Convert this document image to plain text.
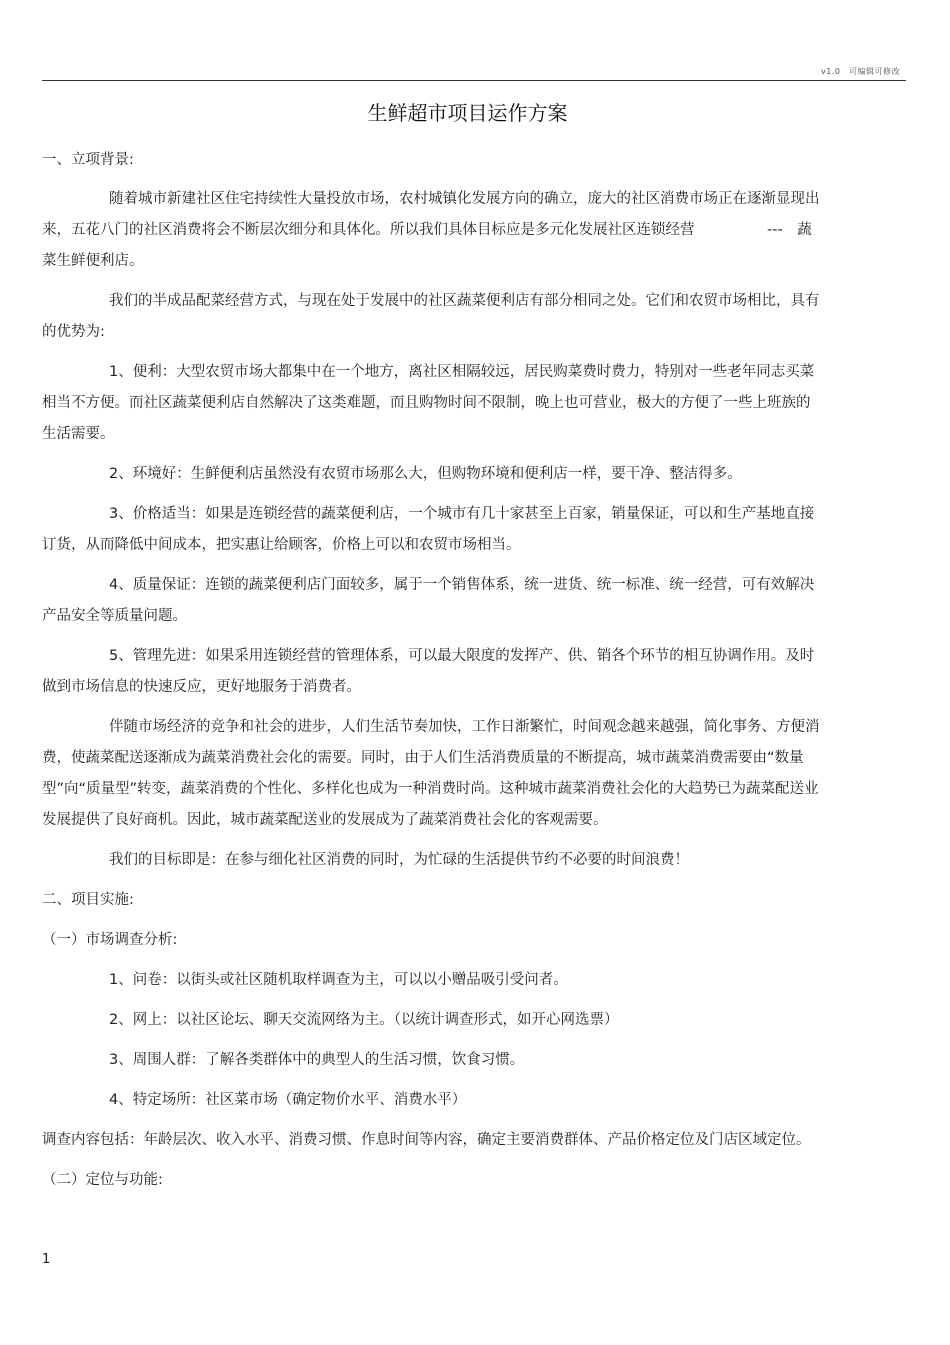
v1.0　可编辑可修改
生鲜超市项目运作方案

一、立项背景:

随着城市新建社区住宅持续性大量投放市场，农村城镇化发展方向的确立，庞大的社区消费市场正在逐渐显现出来，五花八门的社区消费将会不断层次细分和具体化。所以我们具体目标应是多元化发展社区连锁经营　　　　　---　蔬菜生鲜便利店。

我们的半成品配菜经营方式，与现在处于发展中的社区蔬菜便利店有部分相同之处。它们和农贸市场相比，具有的优势为:

1、便利：大型农贸市场大都集中在一个地方，离社区相隔较远，居民购菜费时费力，特别对一些老年同志买菜相当不方便。而社区蔬菜便利店自然解决了这类难题，而且购物时间不限制，晚上也可营业，极大的方便了一些上班族的生活需要。

2、环境好：生鲜便利店虽然没有农贸市场那么大，但购物环境和便利店一样，要干净、整洁得多。

3、价格适当：如果是连锁经营的蔬菜便利店，一个城市有几十家甚至上百家，销量保证，可以和生产基地直接订货，从而降低中间成本，把实惠让给顾客，价格上可以和农贸市场相当。

4、质量保证：连锁的蔬菜便利店门面较多，属于一个销售体系，统一进货、统一标准、统一经营，可有效解决产品安全等质量问题。

5、管理先进：如果采用连锁经营的管理体系，可以最大限度的发挥产、供、销各个环节的相互协调作用。及时做到市场信息的快速反应，更好地服务于消费者。

伴随市场经济的竞争和社会的进步，人们生活节奏加快，工作日渐繁忙，时间观念越来越强，简化事务、方便消费，使蔬菜配送逐渐成为蔬菜消费社会化的需要。同时，由于人们生活消费质量的不断提高，城市蔬菜消费需要由“数量型”向“质量型”转变，蔬菜消费的个性化、多样化也成为一种消费时尚。这种城市蔬菜消费社会化的大趋势已为蔬菜配送业发展提供了良好商机。因此，城市蔬菜配送业的发展成为了蔬菜消费社会化的客观需要。

我们的目标即是：在参与细化社区消费的同时，为忙碌的生活提供节约不必要的时间浪费！

二、项目实施:

（一）市场调查分析:

1、问卷：以街头或社区随机取样调查为主，可以以小赠品吸引受问者。

2、网上：以社区论坛、聊天交流网络为主。（以统计调查形式，如开心网选票）

3、周围人群：了解各类群体中的典型人的生活习惯，饮食习惯。

4、特定场所：社区菜市场（确定物价水平、消费水平）

调查内容包括：年龄层次、收入水平、消费习惯、作息时间等内容，确定主要消费群体、产品价格定位及门店区域定位。

（二）定位与功能:

1
